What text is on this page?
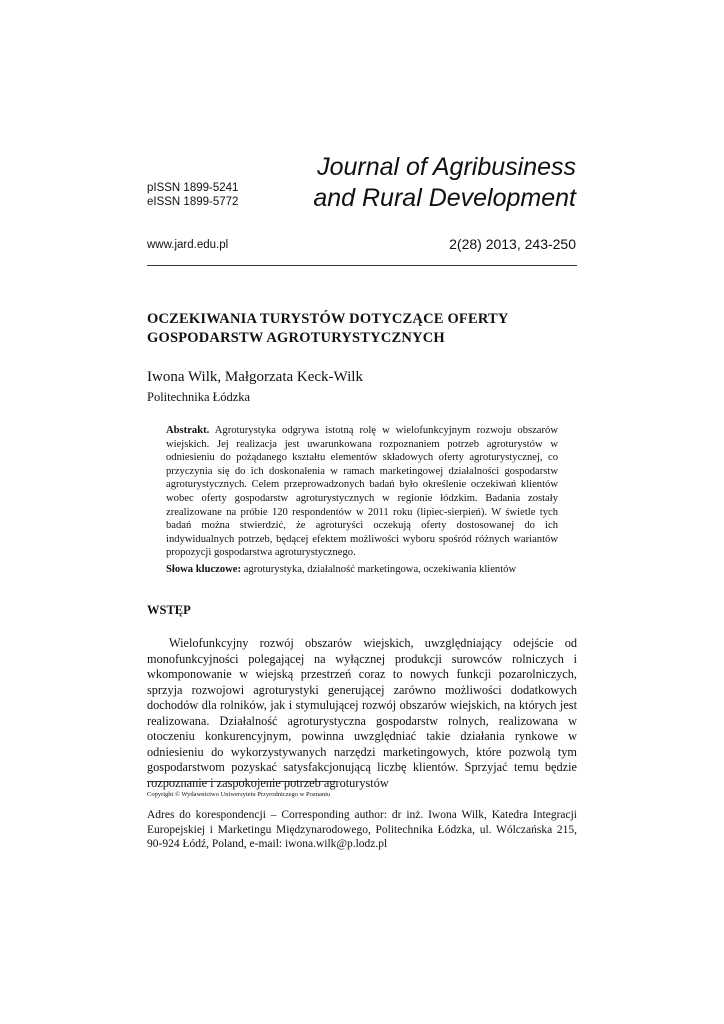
pISSN 1899-5241
eISSN 1899-5772
Journal of Agribusiness
and Rural Development
www.jard.edu.pl	2(28) 2013, 243-250
OCZEKIWANIA TURYSTÓW DOTYCZĄCE OFERTY
GOSPODARSTW AGROTURYSTYCZNYCH
Iwona Wilk, Małgorzata Keck-Wilk
Politechnika Łódzka
Abstrakt. Agroturystyka odgrywa istotną rolę w wielofunkcyjnym rozwoju obszarów wiejskich. Jej realizacja jest uwarunkowana rozpoznaniem potrzeb agroturystów w odniesieniu do pożądanego kształtu elementów składowych oferty agroturystycznej, co przyczynia się do ich doskonalenia w ramach marketingowej działalności gospodarstw agroturystycznych. Celem przeprowadzonych badań było określenie oczekiwań klientów wobec oferty gospodarstw agroturystycznych w regionie łódzkim. Badania zostały zrealizowane na próbie 120 respondentów w 2011 roku (lipiec-sierpień). W świetle tych badań można stwierdzić, że agroturyści oczekują oferty dostosowanej do ich indywidualnych potrzeb, będącej efektem możliwości wyboru spośród różnych wariantów propozycji gospodarstwa agroturystycznego.
Słowa kluczowe: agroturystyka, działalność marketingowa, oczekiwania klientów
WSTĘP
Wielofunkcyjny rozwój obszarów wiejskich, uwzględniający odejście od monofunkcyjności polegającej na wyłącznej produkcji surowców rolniczych i wkomponowanie w wiejską przestrzeń coraz to nowych funkcji pozarolniczych, sprzyja rozwojowi agroturystyki generującej zarówno możliwości dodatkowych dochodów dla rolników, jak i stymulującej rozwój obszarów wiejskich, na których jest realizowana. Działalność agroturystyczna gospodarstw rolnych, realizowana w otoczeniu konkurencyjnym, powinna uwzględniać takie działania rynkowe w odniesieniu do wykorzystywanych narzędzi marketingowych, które pozwolą tym gospodarstwom pozyskać satysfakcjonującą liczbę klientów. Sprzyjać temu będzie rozpoznanie i zaspokojenie potrzeb agroturystów
Copyright © Wydawnictwo Uniwersytetu Przyrodniczego w Poznaniu
Adres do korespondencji – Corresponding author: dr inż. Iwona Wilk, Katedra Integracji Europejskiej i Marketingu Międzynarodowego, Politechnika Łódzka, ul. Wólczańska 215, 90-924 Łódź, Poland, e-mail: iwona.wilk@p.lodz.pl
